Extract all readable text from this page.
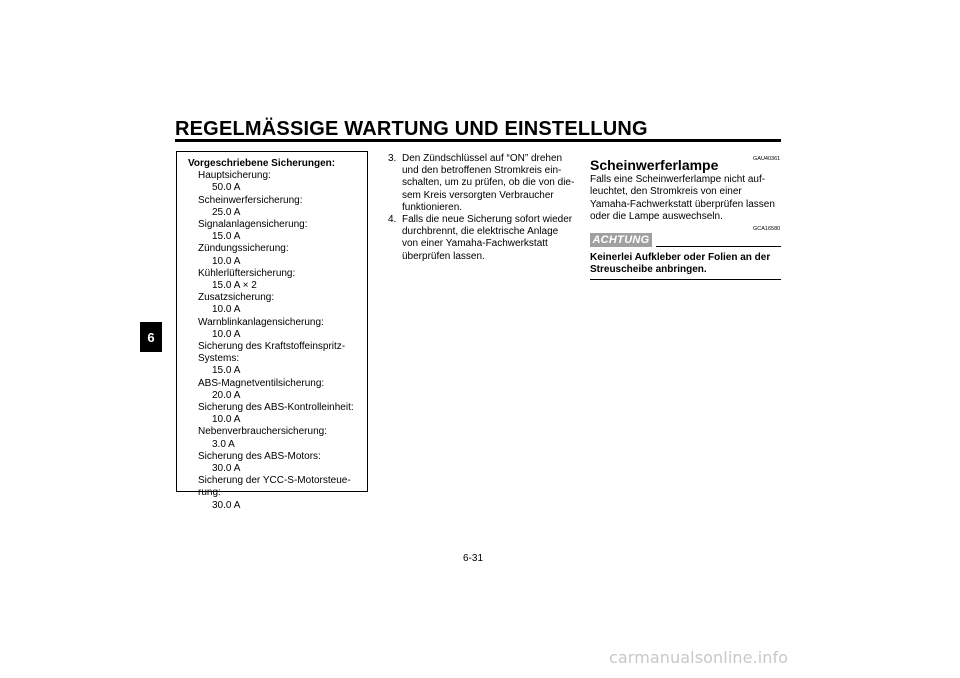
REGELMÄSSIGE WARTUNG UND EINSTELLUNG
6
Vorgeschriebene Sicherungen:
Hauptsicherung:
50.0 A
Scheinwerfersicherung:
25.0 A
Signalanlagensicherung:
15.0 A
Zündungssicherung:
10.0 A
Kühlerlüftersicherung:
15.0 A × 2
Zusatzsicherung:
10.0 A
Warnblinkanlagensicherung:
10.0 A
Sicherung des Kraftstoffeinspritz-
Systems:
15.0 A
ABS-Magnetventilsicherung:
20.0 A
Sicherung des ABS-Kontrolleinheit:
10.0 A
Nebenverbrauchersicherung:
3.0 A
Sicherung des ABS-Motors:
30.0 A
Sicherung der YCC-S-Motorsteue-
rung:
30.0 A
3. Den Zündschlüssel auf “ON” drehen
und den betroffenen Stromkreis ein-
schalten, um zu prüfen, ob die von die-
sem Kreis versorgten Verbraucher
funktionieren.
4. Falls die neue Sicherung sofort wieder
durchbrennt, die elektrische Anlage
von einer Yamaha-Fachwerkstatt
überprüfen lassen.
GAU40361
Scheinwerferlampe
Falls eine Scheinwerferlampe nicht auf-
leuchtet, den Stromkreis von einer
Yamaha-Fachwerkstatt überprüfen lassen
oder die Lampe auswechseln.
GCA16580
ACHTUNG
Keinerlei Aufkleber oder Folien an der
Streuscheibe anbringen.
6-31
carmanualsonline.info
